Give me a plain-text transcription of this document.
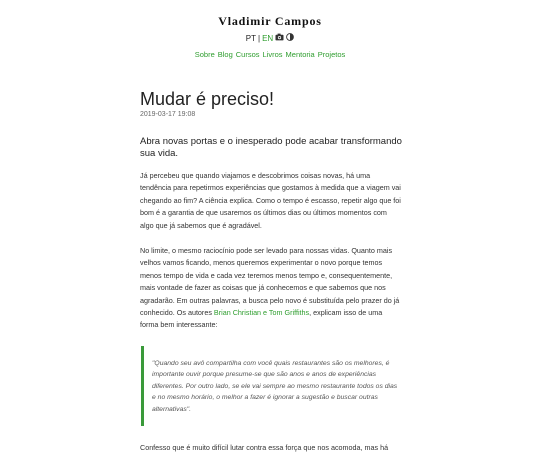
Vladimir Campos
PT | EN
Sobre Blog Cursos Livros Mentoria Projetos
Mudar é preciso!
2019-03-17 19:08
Abra novas portas e o inesperado pode acabar transformando sua vida.

Já percebeu que quando viajamos e descobrimos coisas novas, há uma tendência para repetirmos experiências que gostamos à medida que a viagem vai chegando ao fim? A ciência explica. Como o tempo é escasso, repetir algo que foi bom é a garantia de que usaremos os últimos dias ou últimos momentos com algo que já sabemos que é agradável.

No limite, o mesmo raciocínio pode ser levado para nossas vidas. Quanto mais velhos vamos ficando, menos queremos experimentar o novo porque temos menos tempo de vida e cada vez teremos menos tempo e, consequentemente, mais vontade de fazer as coisas que já conhecemos e que sabemos que nos agradarão. Em outras palavras, a busca pelo novo é substituída pelo prazer do já conhecido. Os autores Brian Christian e Tom Griffiths, explicam isso de uma forma bem interessante:

"Quando seu avô compartilha com você quais restaurantes são os melhores, é importante ouvir porque presume-se que são anos e anos de experiências diferentes. Por outro lado, se ele vai sempre ao mesmo restaurante todos os dias e no mesmo horário, o melhor a fazer é ignorar a sugestão e buscar outras alternativas".

Confesso que é muito difícil lutar contra essa força que nos acomoda, mas há
